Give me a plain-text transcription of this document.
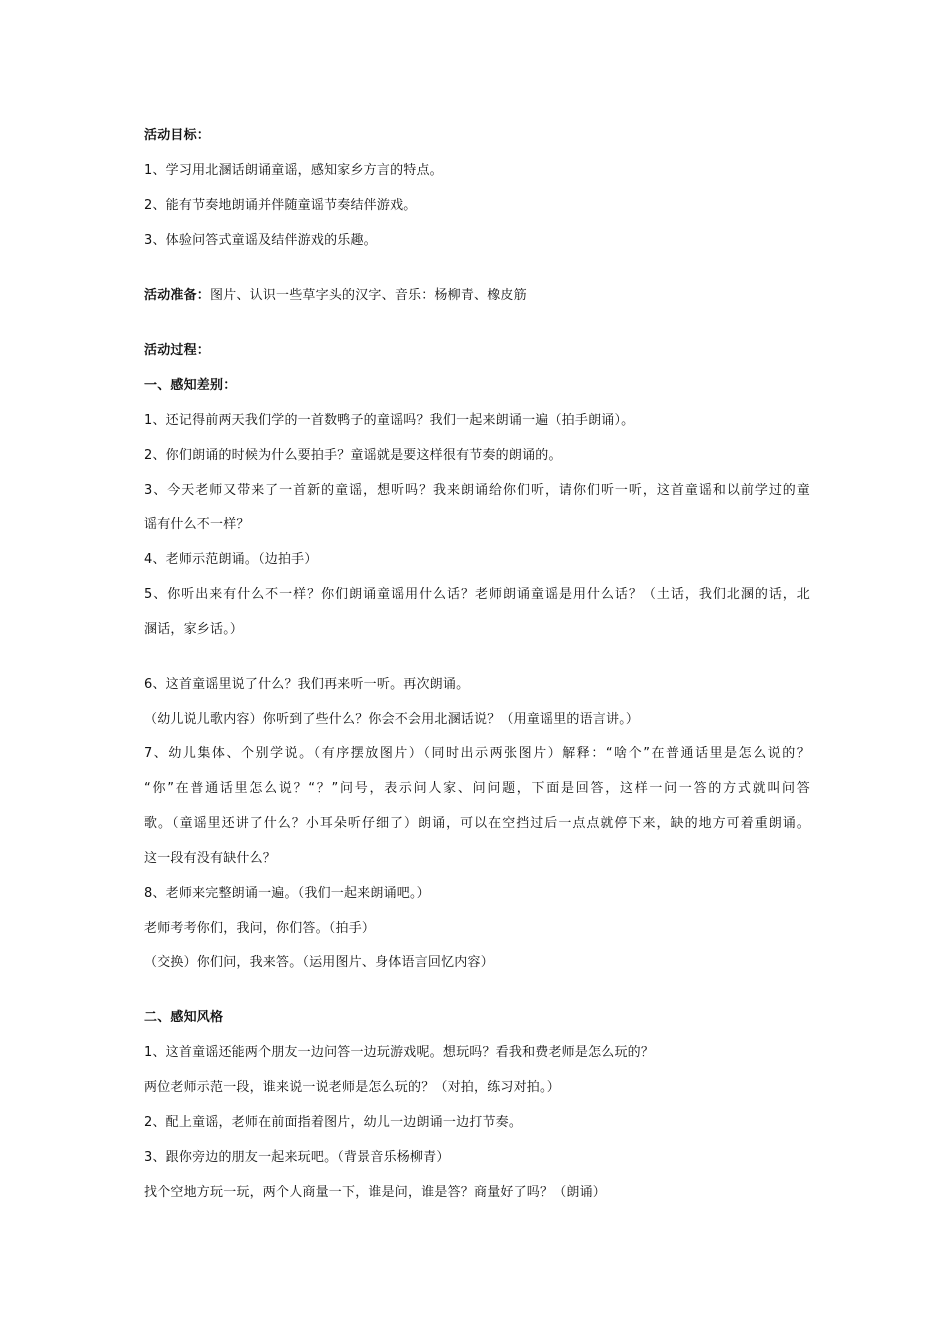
活动目标：
1、学习用北溷话朗诵童谣，感知家乡方言的特点。
2、能有节奏地朗诵并伴随童谣节奏结伴游戏。
3、体验问答式童谣及结伴游戏的乐趣。
活动准备：图片、认识一些草字头的汉字、音乐：杨柳青、橡皮筋
活动过程：
一、感知差别：
1、还记得前两天我们学的一首数鸭子的童谣吗？我们一起来朗诵一遍（拍手朗诵）。
2、你们朗诵的时候为什么要拍手？童谣就是要这样很有节奏的朗诵的。
3、今天老师又带来了一首新的童谣，想听吗？我来朗诵给你们听，请你们听一听，这首童谣和以前学过的童
谣有什么不一样？
4、老师示范朗诵。（边拍手）
5、你听出来有什么不一样？你们朗诵童谣用什么话？老师朗诵童谣是用什么话？（土话，我们北溷的话，北
溷话，家乡话。）
6、这首童谣里说了什么？我们再来听一听。再次朗诵。
（幼儿说儿歌内容）你听到了些什么？你会不会用北溷话说？（用童谣里的语言讲。）
7、幼儿集体、个别学说。（有序摆放图片）（同时出示两张图片）解释：“啥个”在普通话里是怎么说的？
“你”在普通话里怎么说？“？”问号，表示问人家、问问题，下面是回答，这样一问一答的方式就叫问答
歌。（童谣里还讲了什么？小耳朵听仔细了）朗诵，可以在空挡过后一点点就停下来，缺的地方可着重朗诵。
这一段有没有缺什么？
8、老师来完整朗诵一遍。（我们一起来朗诵吧。）
老师考考你们，我问，你们答。（拍手）
（交换）你们问，我来答。（运用图片、身体语言回忆内容）
二、感知风格
1、这首童谣还能两个朋友一边问答一边玩游戏呢。想玩吗？看我和费老师是怎么玩的？
两位老师示范一段，谁来说一说老师是怎么玩的？（对拍，练习对拍。）
2、配上童谣，老师在前面指着图片，幼儿一边朗诵一边打节奏。
3、跟你旁边的朋友一起来玩吧。（背景音乐杨柳青）
找个空地方玩一玩，两个人商量一下，谁是问，谁是答？商量好了吗？（朗诵）
